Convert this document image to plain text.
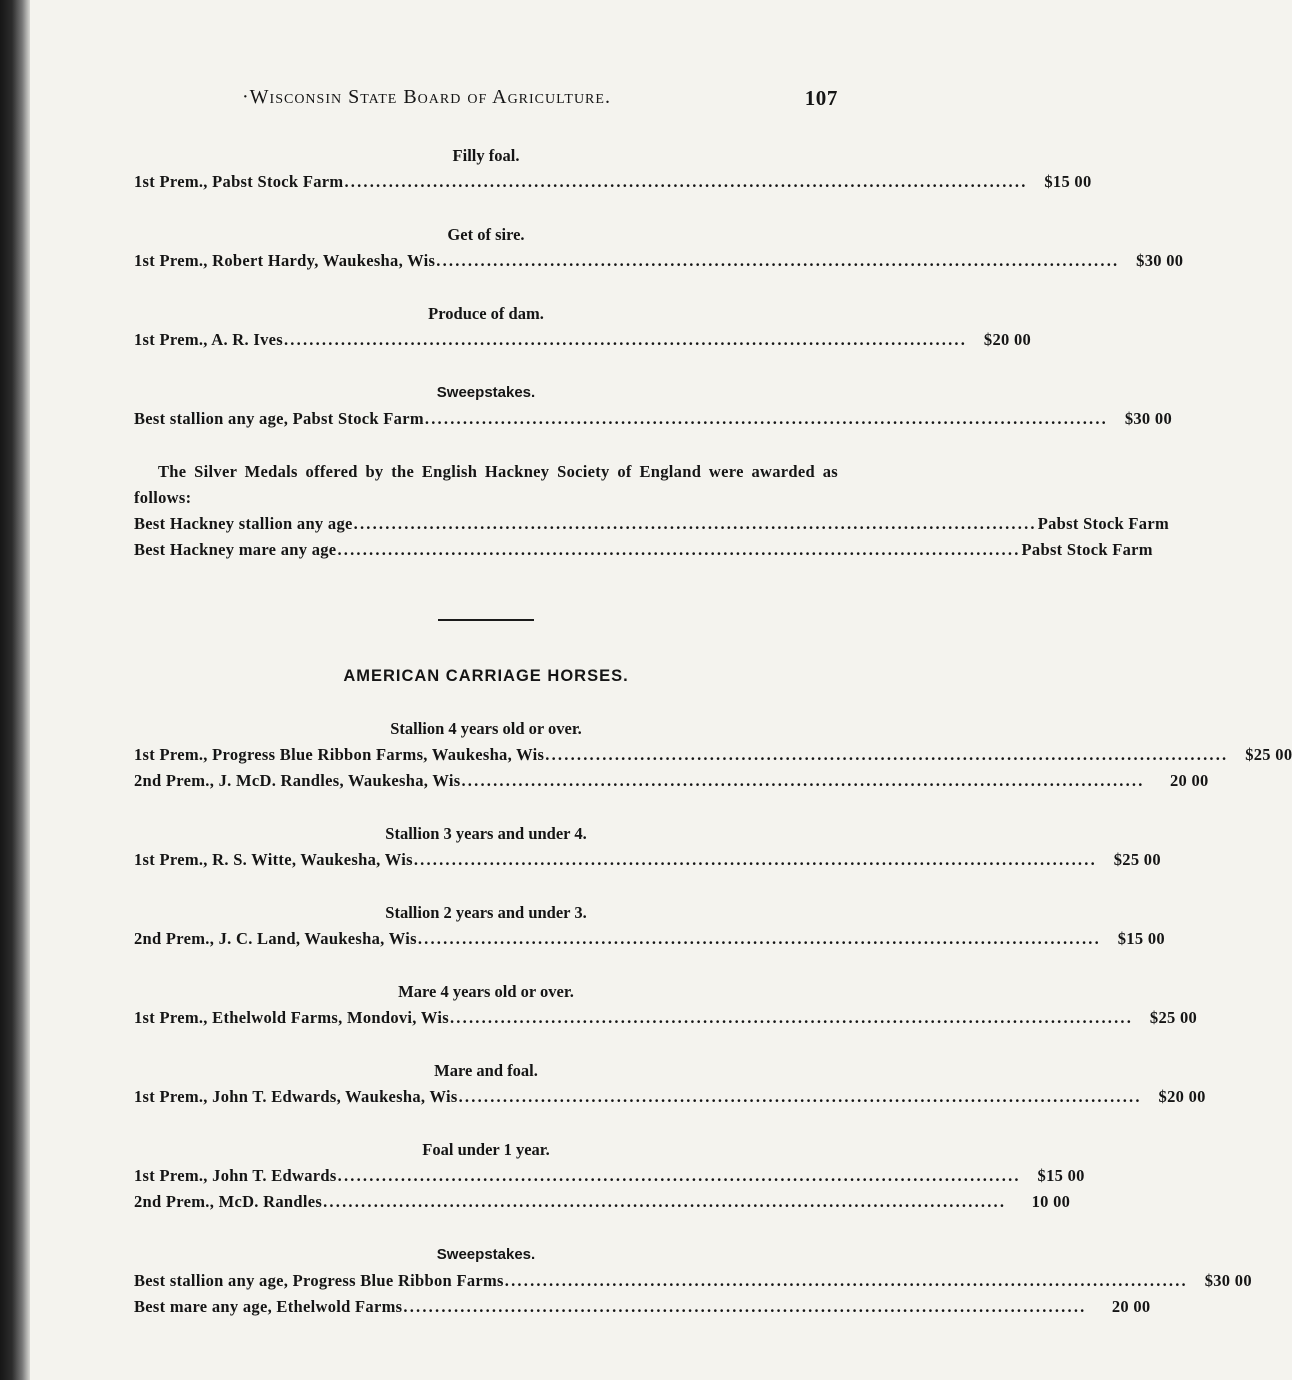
·Wisconsin State Board of Agriculture.	107
Filly foal.
1st Prem., Pabst Stock Farm ............................................................................................................	$15 00
Get of sire.
1st Prem., Robert Hardy, Waukesha, Wis ............................................................................................................	$30 00
Produce of dam.
1st Prem., A. R. Ives ............................................................................................................	$20 00
Sweepstakes.
Best stallion any age, Pabst Stock Farm ............................................................................................................	$30 00
The Silver Medals offered by the English Hackney Society of England were awarded as follows:
Best Hackney stallion any age ............................................................................................................ Pabst Stock Farm
Best Hackney mare any age ............................................................................................................ Pabst Stock Farm
AMERICAN CARRIAGE HORSES.
Stallion 4 years old or over.
1st Prem., Progress Blue Ribbon Farms, Waukesha, Wis ............................................................................................................	$25 00
2nd Prem., J. McD. Randles, Waukesha, Wis ............................................................................................................	20 00
Stallion 3 years and under 4.
1st Prem., R. S. Witte, Waukesha, Wis ............................................................................................................	$25 00
Stallion 2 years and under 3.
2nd Prem., J. C. Land, Waukesha, Wis ............................................................................................................	$15 00
Mare 4 years old or over.
1st Prem., Ethelwold Farms, Mondovi, Wis ............................................................................................................	$25 00
Mare and foal.
1st Prem., John T. Edwards, Waukesha, Wis ............................................................................................................	$20 00
Foal under 1 year.
1st Prem., John T. Edwards ............................................................................................................	$15 00
2nd Prem., McD. Randles ............................................................................................................	10 00
Sweepstakes.
Best stallion any age, Progress Blue Ribbon Farms ............................................................................................................	$30 00
Best mare any age, Ethelwold Farms ............................................................................................................	20 00
